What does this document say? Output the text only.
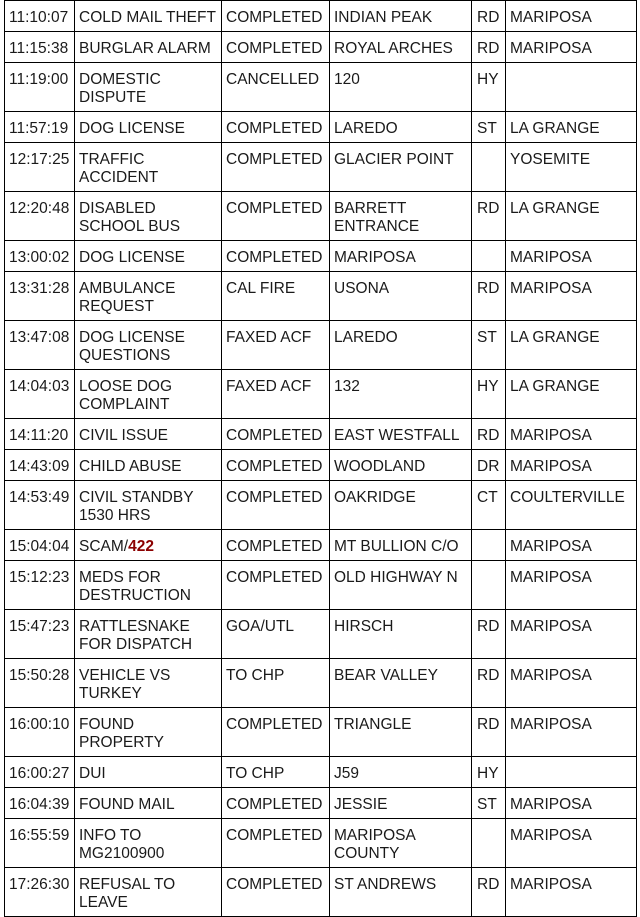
11:10:07	COLD MAIL THEFT	COMPLETED	INDIAN PEAK	RD	MARIPOSA
11:15:38	BURGLAR ALARM	COMPLETED	ROYAL ARCHES	RD	MARIPOSA
11:19:00	DOMESTIC DISPUTE	CANCELLED	120	HY	
11:57:19	DOG LICENSE	COMPLETED	LAREDO	ST	LA GRANGE
12:17:25	TRAFFIC ACCIDENT	COMPLETED	GLACIER POINT		YOSEMITE
12:20:48	DISABLED SCHOOL BUS	COMPLETED	BARRETT ENTRANCE	RD	LA GRANGE
13:00:02	DOG LICENSE	COMPLETED	MARIPOSA		MARIPOSA
13:31:28	AMBULANCE REQUEST	CAL FIRE	USONA	RD	MARIPOSA
13:47:08	DOG LICENSE QUESTIONS	FAXED ACF	LAREDO	ST	LA GRANGE
14:04:03	LOOSE DOG COMPLAINT	FAXED ACF	132	HY	LA GRANGE
14:11:20	CIVIL ISSUE	COMPLETED	EAST WESTFALL	RD	MARIPOSA
14:43:09	CHILD ABUSE	COMPLETED	WOODLAND	DR	MARIPOSA
14:53:49	CIVIL STANDBY 1530 HRS	COMPLETED	OAKRIDGE	CT	COULTERVILLE
15:04:04	SCAM/422	COMPLETED	MT BULLION C/O		MARIPOSA
15:12:23	MEDS FOR DESTRUCTION	COMPLETED	OLD HIGHWAY N		MARIPOSA
15:47:23	RATTLESNAKE FOR DISPATCH	GOA/UTL	HIRSCH	RD	MARIPOSA
15:50:28	VEHICLE VS TURKEY	TO CHP	BEAR VALLEY	RD	MARIPOSA
16:00:10	FOUND PROPERTY	COMPLETED	TRIANGLE	RD	MARIPOSA
16:00:27	DUI	TO CHP	J59	HY	
16:04:39	FOUND MAIL	COMPLETED	JESSIE	ST	MARIPOSA
16:55:59	INFO TO MG2100900	COMPLETED	MARIPOSA COUNTY		MARIPOSA
17:26:30	REFUSAL TO LEAVE	COMPLETED	ST ANDREWS	RD	MARIPOSA
